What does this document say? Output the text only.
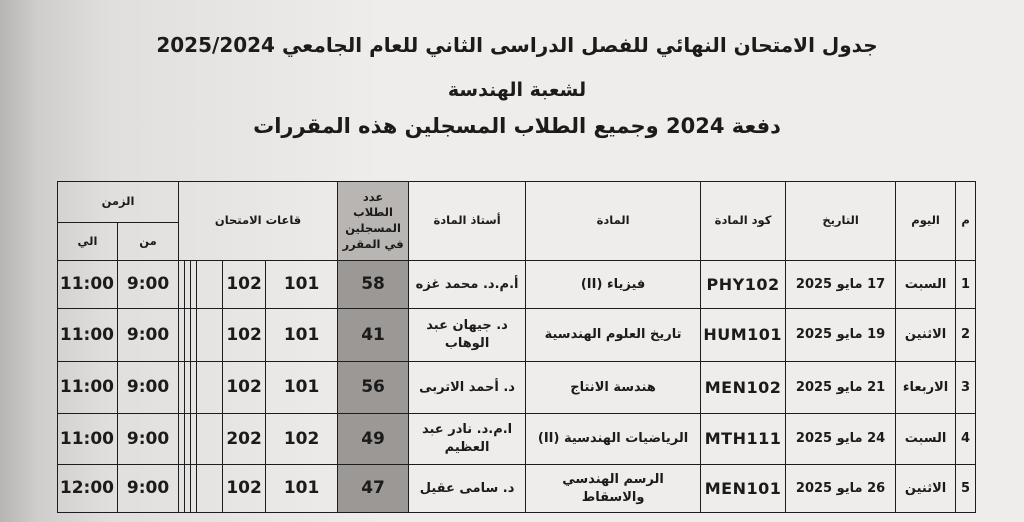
جدول الامتحان النهائي للفصل الدراسى الثاني للعام الجامعي 2025/2024
لشعبة الهندسة
دفعة 2024 وجميع الطلاب المسجلين هذه المقررات
م	اليوم	التاريخ	كود المادة	المادة	أستاذ المادة	عدد الطلاب المسجلين في المقرر	قاعات الامتحان						الزمن	
													من	الي
1	السبت	17 مايو 2025	PHY102	فيزياء (II)	أ.م.د. محمد غزه	58	101	102					9:00	11:00
2	الاثنين	19 مايو 2025	HUM101	تاريخ العلوم الهندسية	د. جيهان عبد الوهاب	41	101	102					9:00	11:00
3	الاربعاء	21 مايو 2025	MEN102	هندسة الانتاج	د. أحمد الاتربى	56	101	102					9:00	11:00
4	السبت	24 مايو 2025	MTH111	الرياضيات الهندسية (II)	ا.م.د. نادر عبد العظيم	49	102	202					9:00	11:00
5	الاثنين	26 مايو 2025	MEN101	الرسم الهندسي والاسقاط	د. سامى عقيل	47	101	102					9:00	12:00
